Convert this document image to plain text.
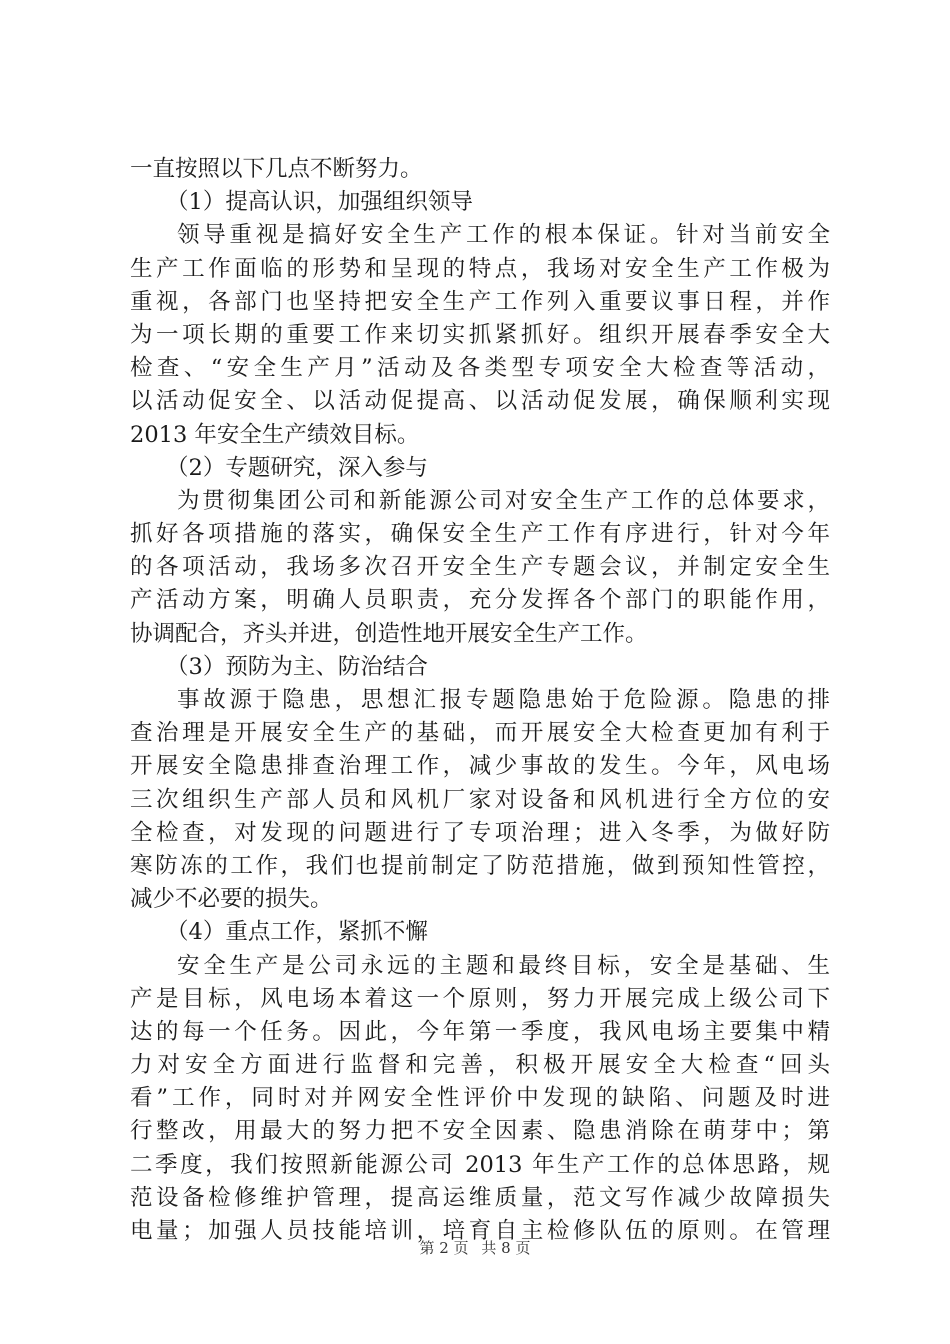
一直按照以下几点不断努力。
（1）提高认识，加强组织领导
领导重视是搞好安全生产工作的根本保证。针对当前安全
生产工作面临的形势和呈现的特点，我场对安全生产工作极为
重视，各部门也坚持把安全生产工作列入重要议事日程，并作
为一项长期的重要工作来切实抓紧抓好。组织开展春季安全大
检查、“安全生产月”活动及各类型专项安全大检查等活动，
以活动促安全、以活动促提高、以活动促发展，确保顺利实现
2013 年安全生产绩效目标。
（2）专题研究，深入参与
为贯彻集团公司和新能源公司对安全生产工作的总体要求，
抓好各项措施的落实，确保安全生产工作有序进行，针对今年
的各项活动，我场多次召开安全生产专题会议，并制定安全生
产活动方案，明确人员职责，充分发挥各个部门的职能作用，
协调配合，齐头并进，创造性地开展安全生产工作。
（3）预防为主、防治结合
事故源于隐患，思想汇报专题隐患始于危险源。隐患的排
查治理是开展安全生产的基础，而开展安全大检查更加有利于
开展安全隐患排查治理工作，减少事故的发生。今年，风电场
三次组织生产部人员和风机厂家对设备和风机进行全方位的安
全检查，对发现的问题进行了专项治理；进入冬季，为做好防
寒防冻的工作，我们也提前制定了防范措施，做到预知性管控，
减少不必要的损失。
（4）重点工作，紧抓不懈
安全生产是公司永远的主题和最终目标，安全是基础、生
产是目标，风电场本着这一个原则，努力开展完成上级公司下
达的每一个任务。因此，今年第一季度，我风电场主要集中精
力对安全方面进行监督和完善，积极开展安全大检查“回头
看”工作，同时对并网安全性评价中发现的缺陷、问题及时进
行整改，用最大的努力把不安全因素、隐患消除在萌芽中；第
二季度，我们按照新能源公司 2013 年生产工作的总体思路，规
范设备检修维护管理，提高运维质量，范文写作减少故障损失
电量；加强人员技能培训，培育自主检修队伍的原则。在管理
第 2 页 共 8 页
